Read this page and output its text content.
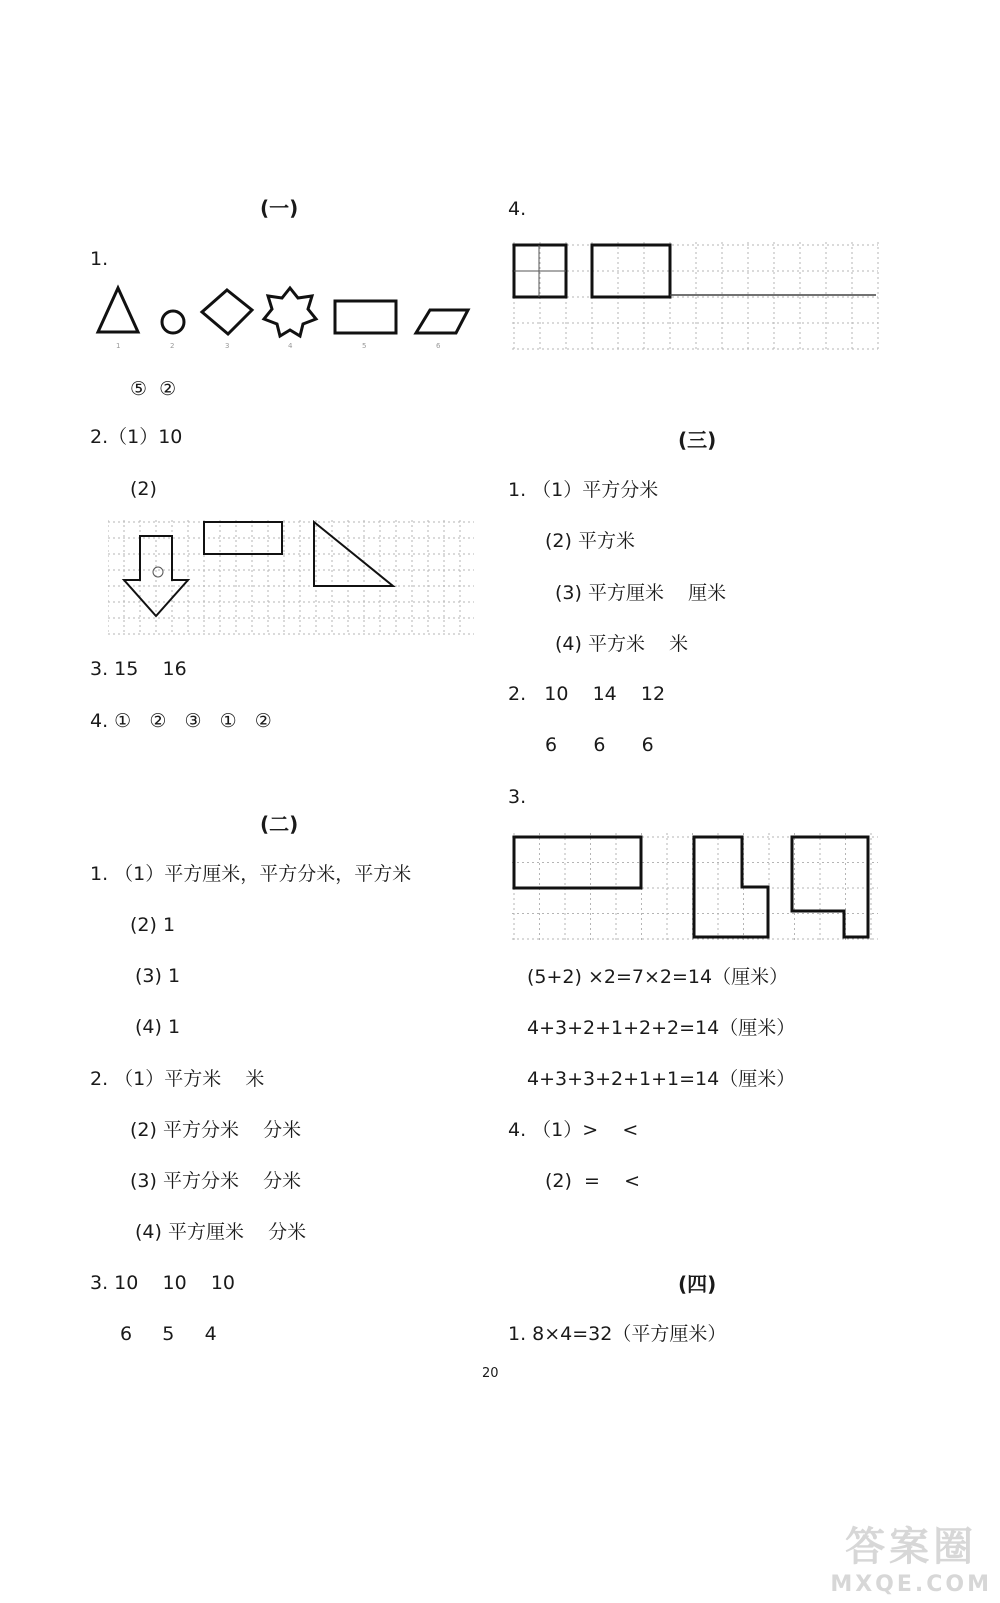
(一)
1.
1	2	3	4	5	6
⑤  ②
2.（1）10
(2)
3. 15    16
4. ①   ②   ③   ①   ②
(二)
1. （1）平方厘米，平方分米，平方米
(2) 1
(3) 1
(4) 1
2. （1）平方米    米
(2) 平方分米    分米
(3) 平方分米    分米
(4) 平方厘米    分米
3. 10    10    10
6     5     4
4.
(三)
1. （1）平方分米
(2) 平方米
(3) 平方厘米    厘米
(4) 平方米    米
2.   10    14    12
6      6      6
3.
(5+2) ×2=7×2=14（厘米）
4+3+2+1+2+2=14（厘米）
4+3+3+2+1+1=14（厘米）
4. （1）>    <
(2)  =    <
(四)
1. 8×4=32（平方厘米）
20
答案圈
MXQE.COM
